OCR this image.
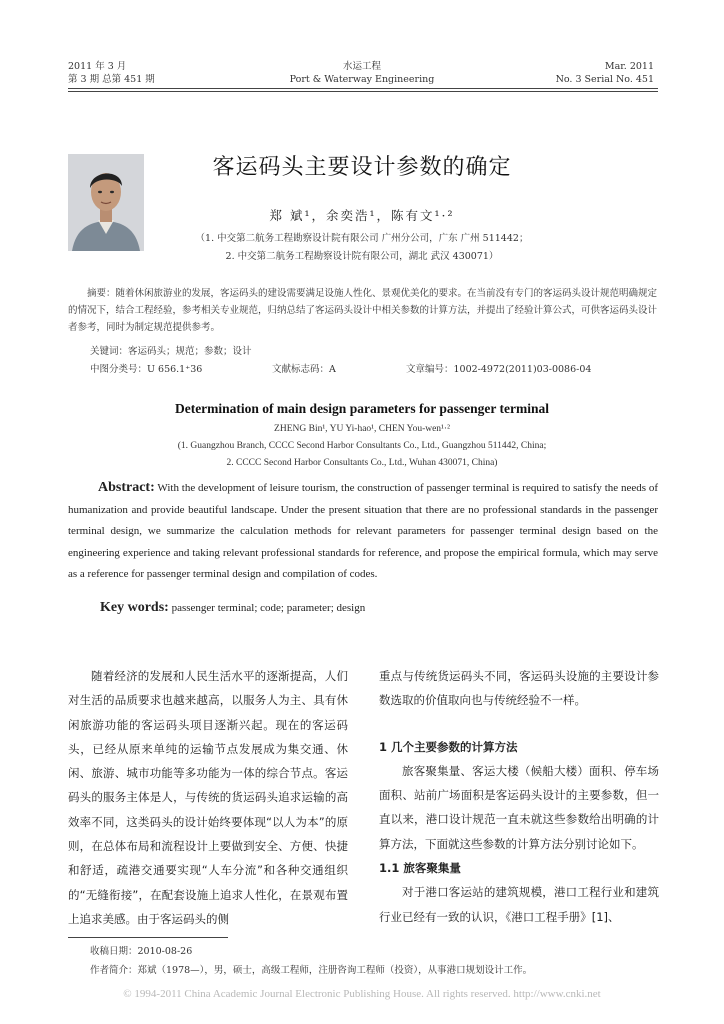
2011 年 3 月
第 3 期 总第 451 期
水运工程
Port & Waterway Engineering
Mar. 2011
No. 3 Serial No. 451
客运码头主要设计参数的确定
郑 斌¹，余奕浩¹，陈有文¹·²
（1. 中交第二航务工程勘察设计院有限公司 广州分公司，广东 广州 511442；
2. 中交第二航务工程勘察设计院有限公司，湖北 武汉 430071）
摘要：随着休闲旅游业的发展，客运码头的建设需要满足设施人性化、景观优美化的要求。在当前没有专门的客运码头设计规范明确规定的情况下，结合工程经验，参考相关专业规范，归纳总结了客运码头设计中相关参数的计算方法，并提出了经验计算公式，可供客运码头设计者参考，同时为制定规范提供参考。
关键词：客运码头；规范；参数；设计
中图分类号：U 656.1⁺36	文献标志码：A	文章编号：1002-4972(2011)03-0086-04
Determination of main design parameters for passenger terminal
ZHENG Bin¹, YU Yi-hao¹, CHEN You-wen¹·²
(1. Guangzhou Branch, CCCC Second Harbor Consultants Co., Ltd., Guangzhou 511442, China;
2. CCCC Second Harbor Consultants Co., Ltd., Wuhan 430071, China)
Abstract: With the development of leisure tourism, the construction of passenger terminal is required to satisfy the needs of humanization and provide beautiful landscape. Under the present situation that there are no professional standards in the passenger terminal design, we summarize the calculation methods for relevant parameters for passenger terminal design based on the engineering experience and taking relevant professional standards for reference, and propose the empirical formula, which may serve as a reference for passenger terminal design and compilation of codes.
Key words: passenger terminal; code; parameter; design

随着经济的发展和人民生活水平的逐渐提高，人们对生活的品质要求也越来越高，以服务人为主、具有休闲旅游功能的客运码头项目逐渐兴起。现在的客运码头，已经从原来单纯的运输节点发展成为集交通、休闲、旅游、城市功能等多功能为一体的综合节点。客运码头的服务主体是人，与传统的货运码头追求运输的高效率不同，这类码头的设计始终要体现“以人为本”的原则，在总体布局和流程设计上要做到安全、方便、快捷和舒适，疏港交通要实现“人车分流”和各种交通组织的“无缝衔接”，在配套设施上追求人性化，在景观布置上追求美感。由于客运码头的侧

重点与传统货运码头不同，客运码头设施的主要设计参数选取的价值取向也与传统经验不一样。

1 几个主要参数的计算方法

旅客聚集量、客运大楼（候船大楼）面积、停车场面积、站前广场面积是客运码头设计的主要参数，但一直以来，港口设计规范一直未就这些参数给出明确的计算方法，下面就这些参数的计算方法分别讨论如下。

1.1 旅客聚集量

对于港口客运站的建筑规模，港口工程行业和建筑行业已经有一致的认识，《港口工程手册》[1]、

收稿日期：2010-08-26
作者简介：郑斌（1978—），男，硕士，高级工程师，注册咨询工程师（投资），从事港口规划设计工作。
© 1994-2011 China Academic Journal Electronic Publishing House. All rights reserved. http://www.cnki.net
